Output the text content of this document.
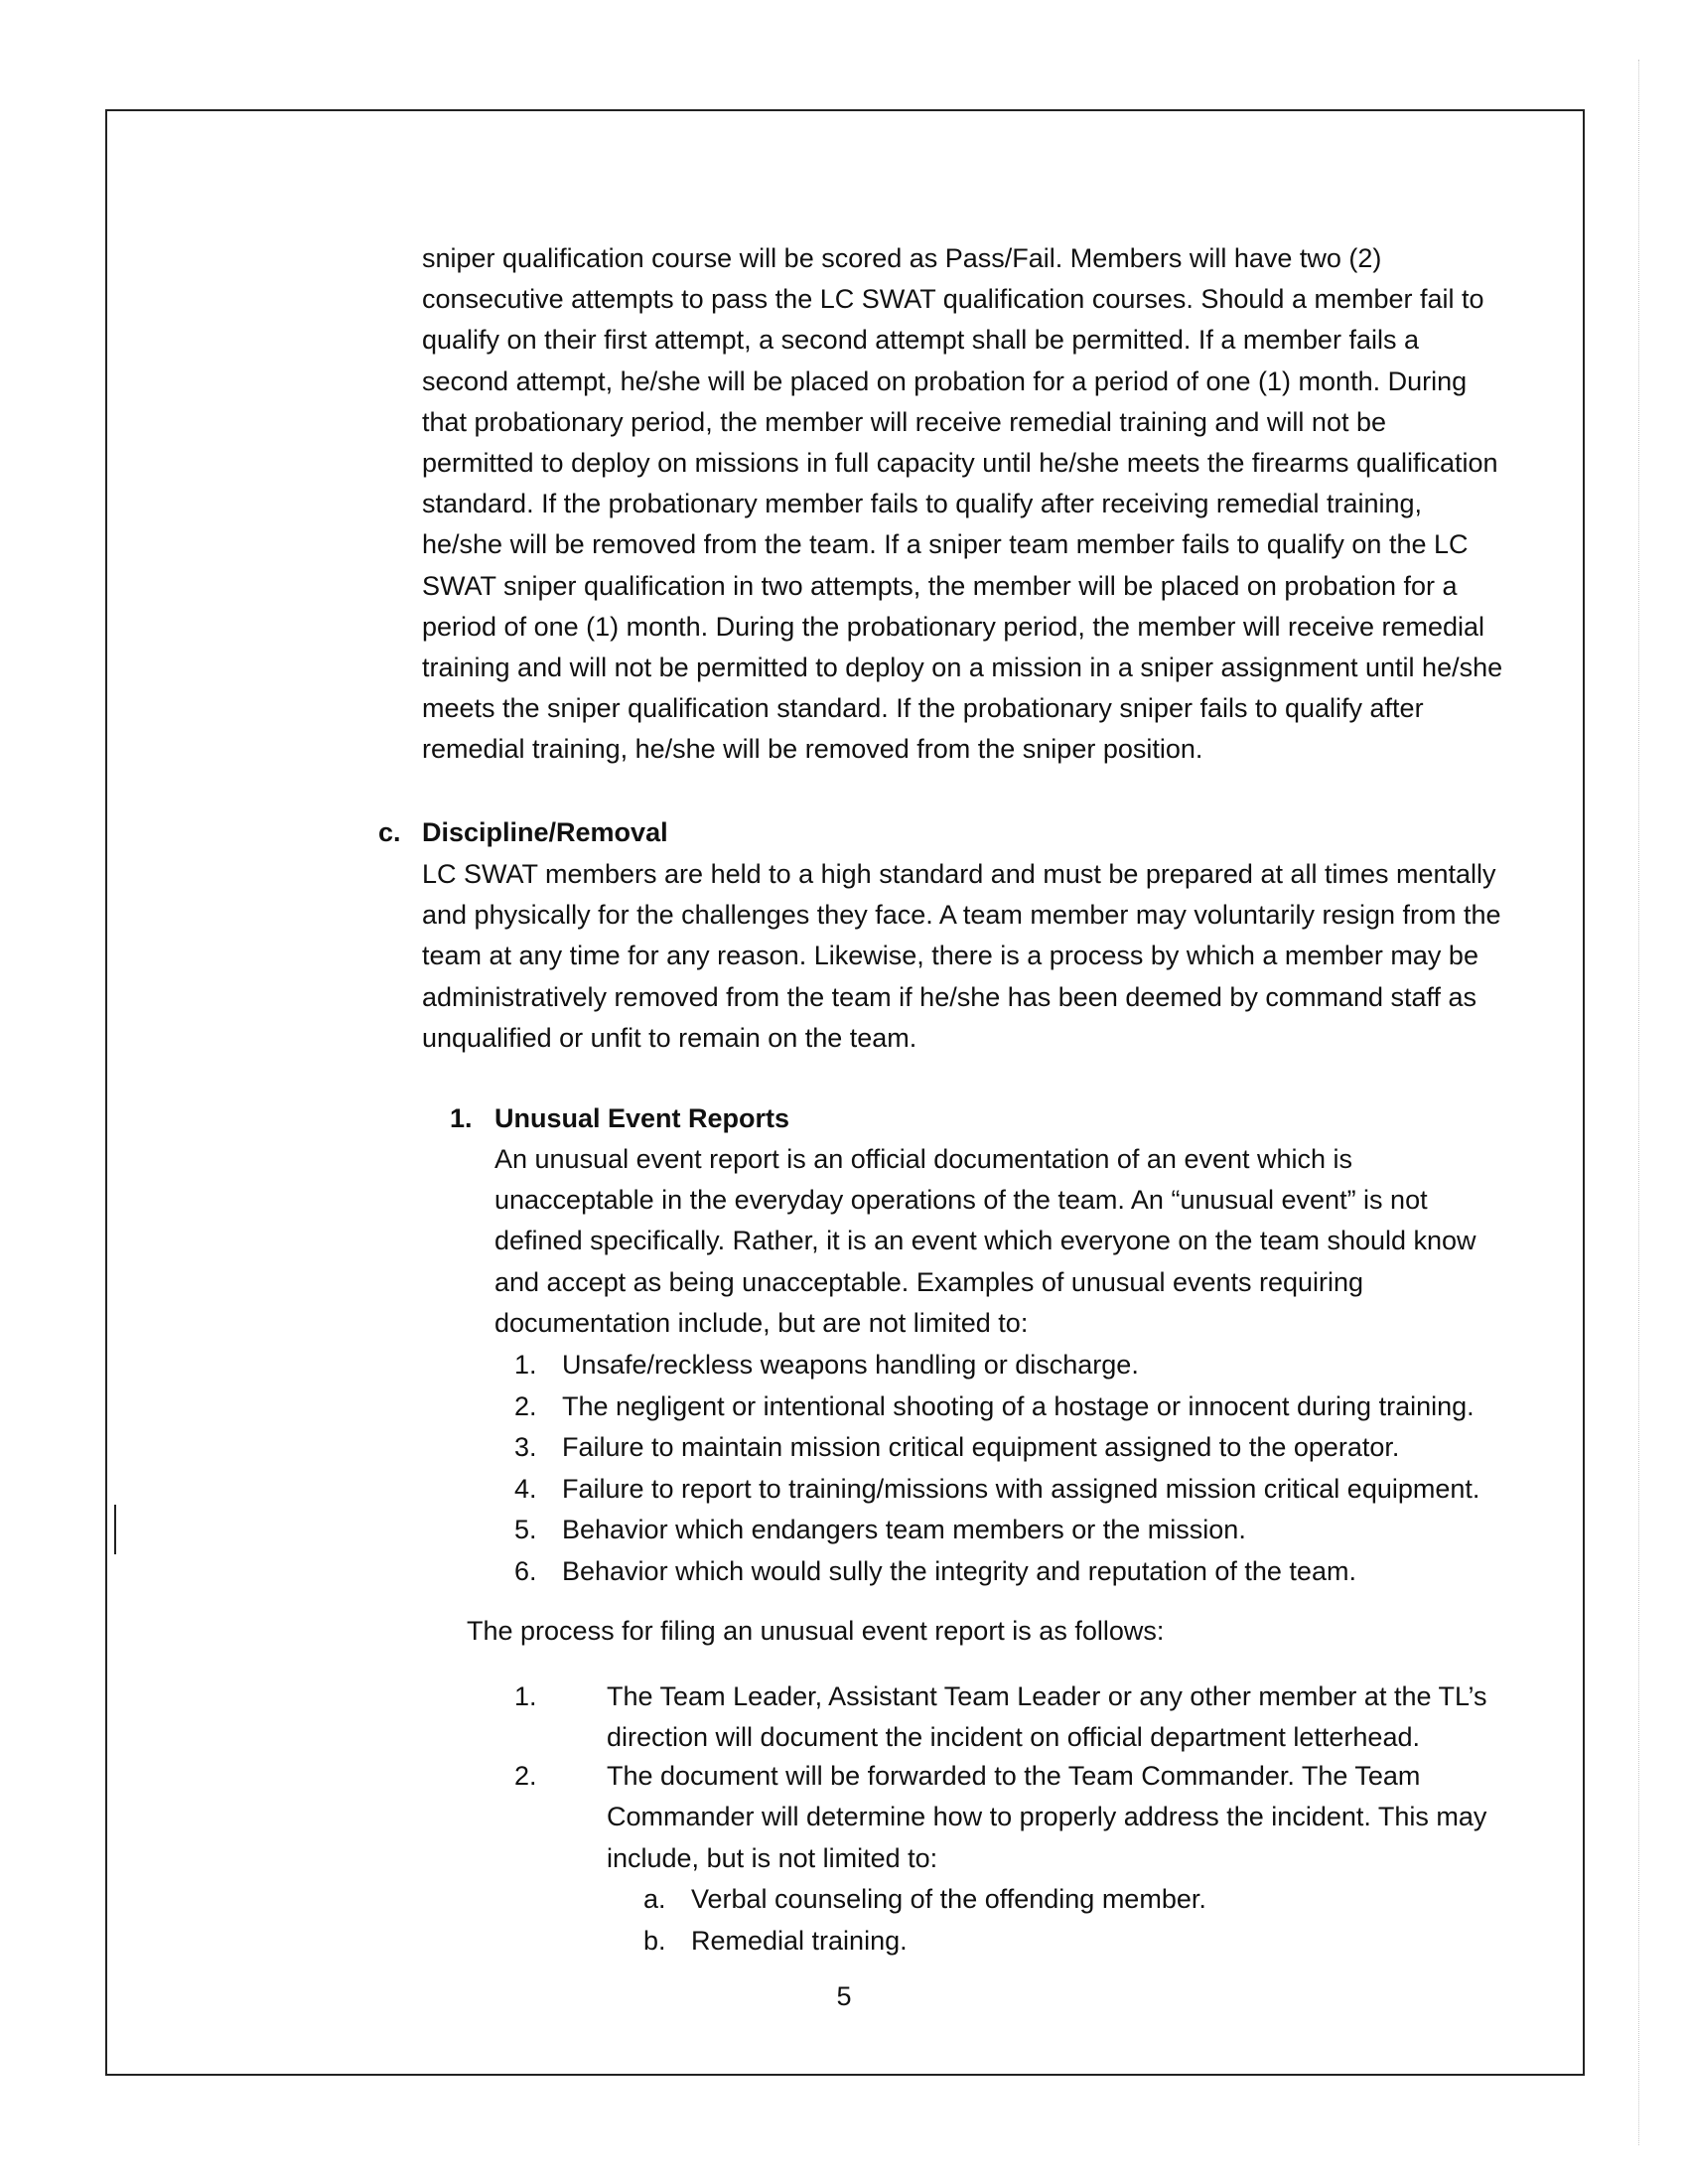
sniper qualification course will be scored as Pass/Fail. Members will have two (2)
consecutive attempts to pass the LC SWAT qualification courses. Should a member fail to
qualify on their first attempt, a second attempt shall be permitted. If a member fails a
second attempt, he/she will be placed on probation for a period of one (1) month. During
that probationary period, the member will receive remedial training and will not be
permitted to deploy on missions in full capacity until he/she meets the firearms qualification
standard. If the probationary member fails to qualify after receiving remedial training,
he/she will be removed from the team. If a sniper team member fails to qualify on the LC
SWAT sniper qualification in two attempts, the member will be placed on probation for a
period of one (1) month. During the probationary period, the member will receive remedial
training and will not be permitted to deploy on a mission in a sniper assignment until he/she
meets the sniper qualification standard. If the probationary sniper fails to qualify after
remedial training, he/she will be removed from the sniper position.
c. Discipline/Removal
LC SWAT members are held to a high standard and must be prepared at all times mentally
and physically for the challenges they face. A team member may voluntarily resign from the
team at any time for any reason. Likewise, there is a process by which a member may be
administratively removed from the team if he/she has been deemed by command staff as
unqualified or unfit to remain on the team.
1. Unusual Event Reports
An unusual event report is an official documentation of an event which is
unacceptable in the everyday operations of the team. An “unusual event” is not
defined specifically. Rather, it is an event which everyone on the team should know
and accept as being unacceptable. Examples of unusual events requiring
documentation include, but are not limited to:
1. Unsafe/reckless weapons handling or discharge.
2. The negligent or intentional shooting of a hostage or innocent during training.
3. Failure to maintain mission critical equipment assigned to the operator.
4. Failure to report to training/missions with assigned mission critical equipment.
5. Behavior which endangers team members or the mission.
6. Behavior which would sully the integrity and reputation of the team.
The process for filing an unusual event report is as follows:
1.	The Team Leader, Assistant Team Leader or any other member at the TL’s
direction will document the incident on official department letterhead.
2.	The document will be forwarded to the Team Commander. The Team
Commander will determine how to properly address the incident. This may
include, but is not limited to:
a. Verbal counseling of the offending member.
b. Remedial training.
5
